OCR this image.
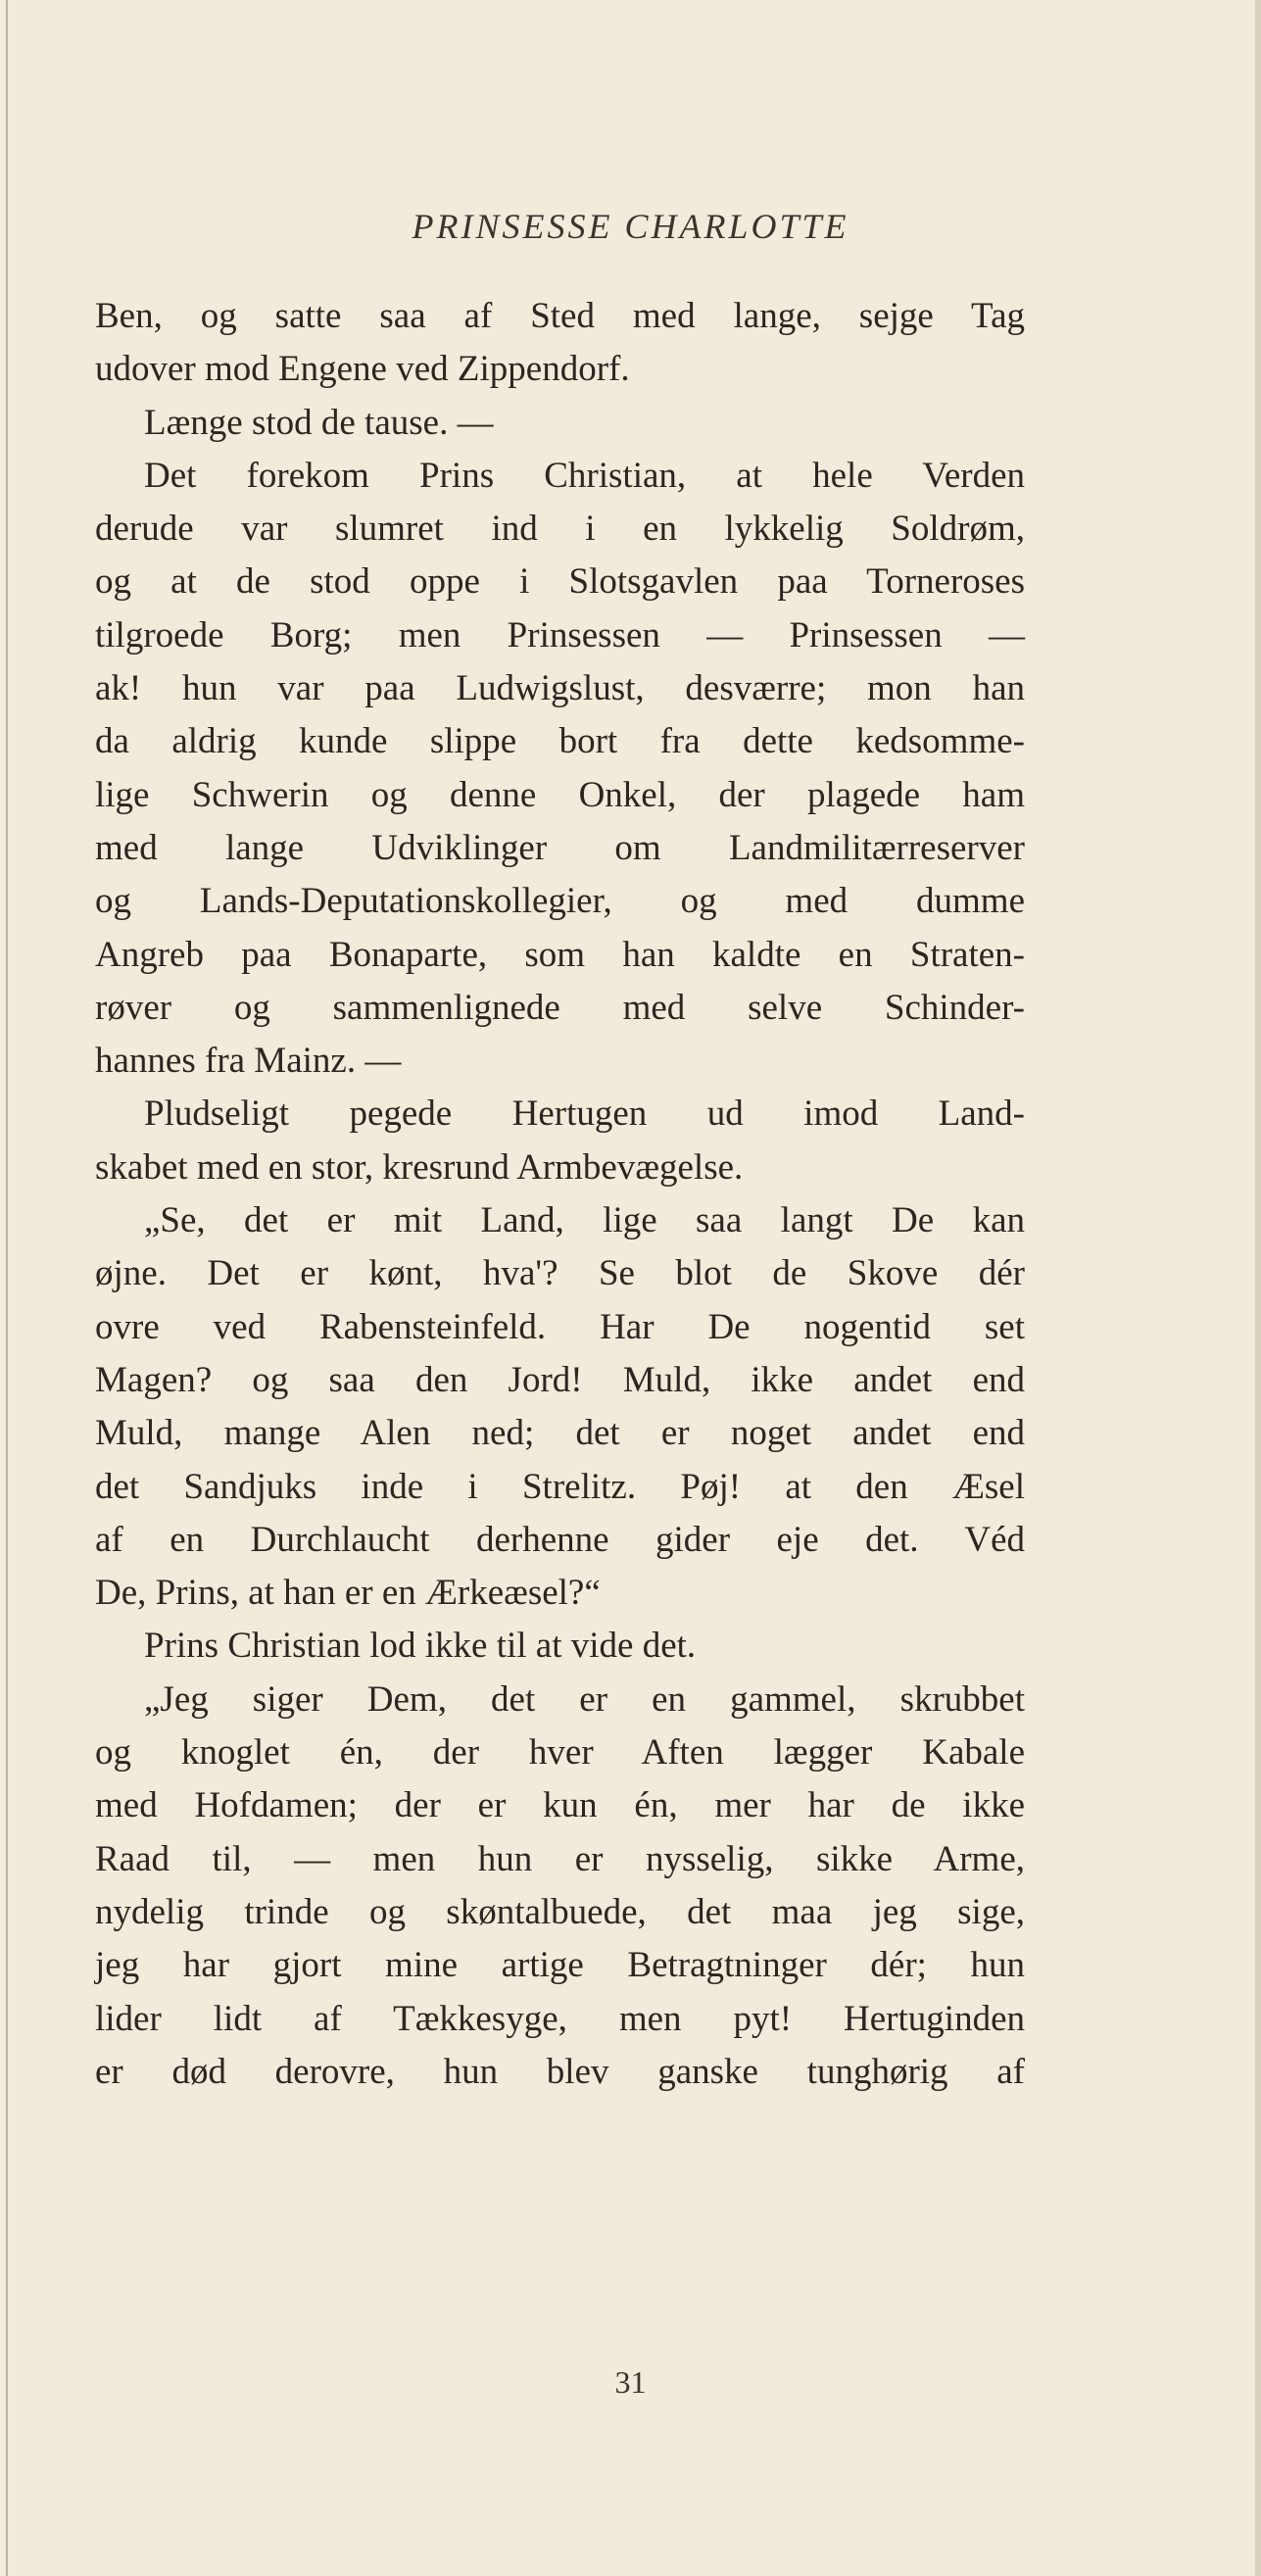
PRINSESSE CHARLOTTE
Ben, og satte saa af Sted med lange, sejge Tag
udover mod Engene ved Zippendorf.
Længe stod de tause. —
Det forekom Prins Christian, at hele Verden
derude var slumret ind i en lykkelig Soldrøm,
og at de stod oppe i Slotsgavlen paa Torneroses
tilgroede Borg; men Prinsessen — Prinsessen —
ak! hun var paa Ludwigslust, desværre; mon han
da aldrig kunde slippe bort fra dette kedsomme-
lige Schwerin og denne Onkel, der plagede ham
med lange Udviklinger om Landmilitærreserver
og Lands-Deputationskollegier, og med dumme
Angreb paa Bonaparte, som han kaldte en Straten-
røver og sammenlignede med selve Schinder-
hannes fra Mainz. —
Pludseligt pegede Hertugen ud imod Land-
skabet med en stor, kresrund Armbevægelse.
„Se, det er mit Land, lige saa langt De kan
øjne. Det er kønt, hva'? Se blot de Skove dér
ovre ved Rabensteinfeld. Har De nogentid set
Magen? og saa den Jord! Muld, ikke andet end
Muld, mange Alen ned; det er noget andet end
det Sandjuks inde i Strelitz. Pøj! at den Æsel
af en Durchlaucht derhenne gider eje det. Véd
De, Prins, at han er en Ærkeæsel?“
Prins Christian lod ikke til at vide det.
„Jeg siger Dem, det er en gammel, skrubbet
og knoglet én, der hver Aften lægger Kabale
med Hofdamen; der er kun én, mer har de ikke
Raad til, — men hun er nysselig, sikke Arme,
nydelig trinde og skøntalbuede, det maa jeg sige,
jeg har gjort mine artige Betragtninger dér; hun
lider lidt af Tækkesyge, men pyt! Hertuginden
er død derovre, hun blev ganske tunghørig af
31
